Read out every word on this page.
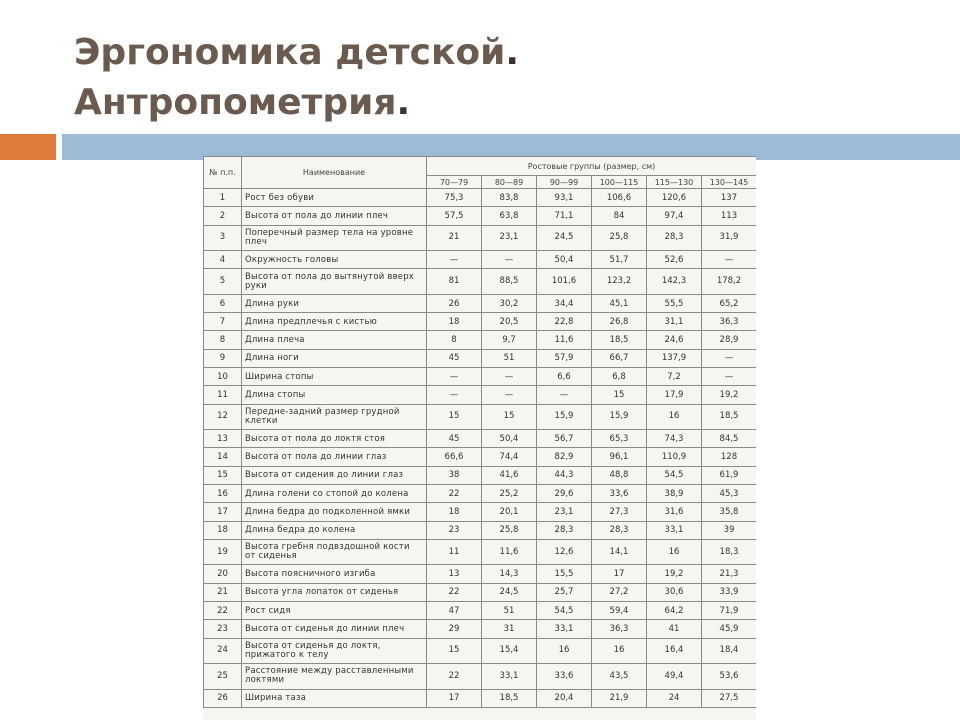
Эргономика детской.
Антропометрия.
№ п.п.	Наименование	Ростовые группы (размер, см)					
		70—79	80—89	90—99	100—115	115—130	130—145
1	Рост без обуви	75,3	83,8	93,1	106,6	120,6	137
2	Высота от пола до линии плеч	57,5	63,8	71,1	84	97,4	113
3	Поперечный размер тела на уровне плеч	21	23,1	24,5	25,8	28,3	31,9
4	Окружность головы	—	—	50,4	51,7	52,6	—
5	Высота от пола до вытянутой вверх руки	81	88,5	101,6	123,2	142,3	178,2
6	Длина руки	26	30,2	34,4	45,1	55,5	65,2
7	Длина предплечья с кистью	18	20,5	22,8	26,8	31,1	36,3
8	Длина плеча	8	9,7	11,6	18,5	24,6	28,9
9	Длина ноги	45	51	57,9	66,7	137,9	—
10	Ширина стопы	—	—	6,6	6,8	7,2	—
11	Длина стопы	—	—	—	15	17,9	19,2
12	Передне-задний размер грудной клетки	15	15	15,9	15,9	16	18,5
13	Высота от пола до локтя стоя	45	50,4	56,7	65,3	74,3	84,5
14	Высота от пола до линии глаз	66,6	74,4	82,9	96,1	110,9	128
15	Высота от сидения до линии глаз	38	41,6	44,3	48,8	54,5	61,9
16	Длина голени со стопой до колена	22	25,2	29,6	33,6	38,9	45,3
17	Длина бедра до подколенной ямки	18	20,1	23,1	27,3	31,6	35,8
18	Длина бедра до колена	23	25,8	28,3	28,3	33,1	39
19	Высота гребня подвздошной кости от сиденья	11	11,6	12,6	14,1	16	18,3
20	Высота поясничного изгиба	13	14,3	15,5	17	19,2	21,3
21	Высота угла лопаток от сиденья	22	24,5	25,7	27,2	30,6	33,9
22	Рост сидя	47	51	54,5	59,4	64,2	71,9
23	Высота от сиденья до линии плеч	29	31	33,1	36,3	41	45,9
24	Высота от сиденья до локтя, прижатого к телу	15	15,4	16	16	16,4	18,4
25	Расстояние между расставленными локтями	22	33,1	33,6	43,5	49,4	53,6
26	Ширина таза	17	18,5	20,4	21,9	24	27,5
